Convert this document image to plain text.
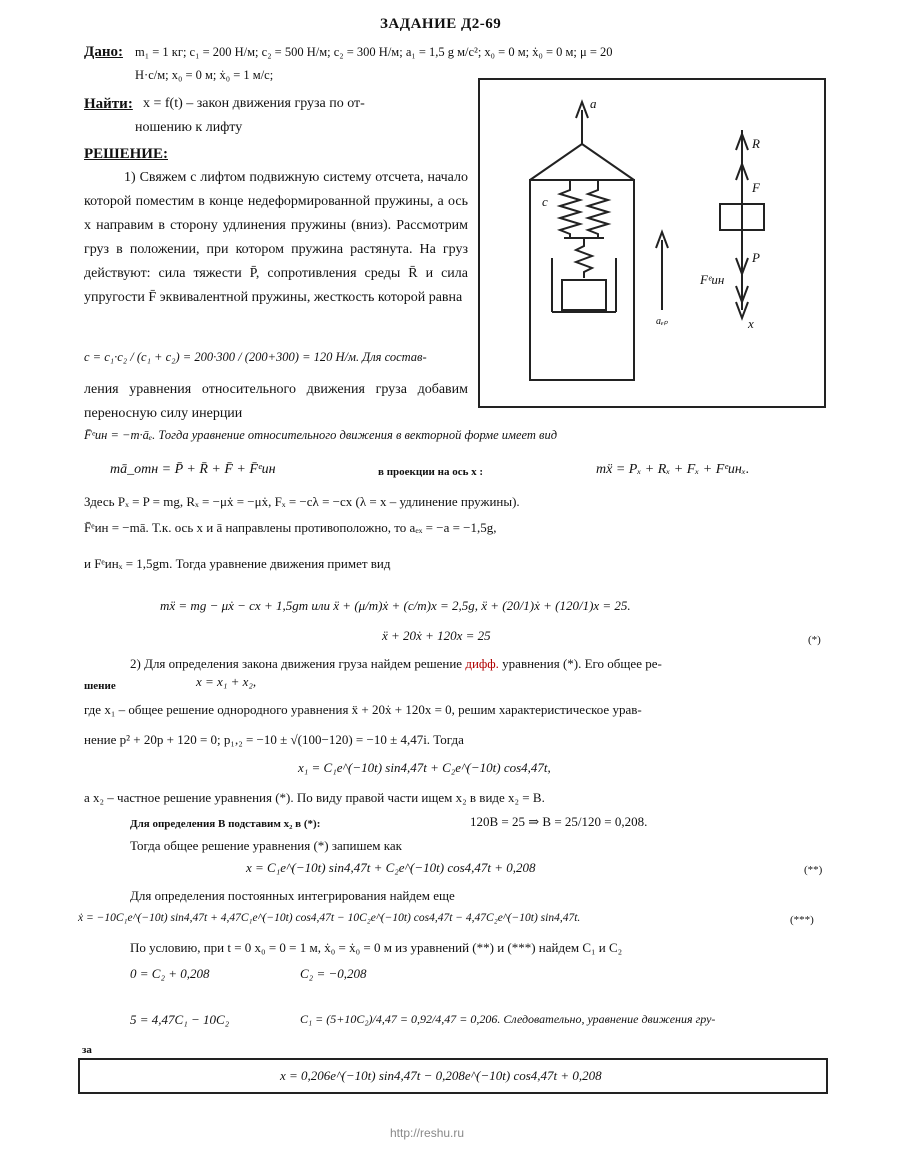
ЗАДАНИЕ Д2-69
Дано: m₁ = 1 кг; c₁ = 200 Н/м; c₂ = 500 Н/м; c₂ = 300 Н/м; a₁ = 1,5 g м/с²; x₀ = 0 м; ẋ₀ = 0 м; μ = 20
Н·с/м; x₀ = 0 м; ẋ₀ = 1 м/с;
Найти: x = f(t) – закон движения груза по от-
ношению к лифту
РЕШЕНИЕ:
1) Свяжем с лифтом подвижную систему отсчета, начало которой поместим в конце недеформированной пружины, а ось x направим в сторону удлинения пружины (вниз). Рассмотрим груз в положении, при котором пружина растянута. На груз действуют: сила тяжести P̄, сопротивления среды R̄ и сила упругости F̄ эквивалентной пружины, жесткость которой равна
c = c₁·c₂ / (c₁ + c₂) = 200·300 / (200+300) = 120 Н/м. Для состав-
ления уравнения относительного движения груза добавим переносную силу инерции
F̄ᵉин = −m·āₑ. Тогда уравнение относительного движения в векторной форме имеет вид
a
c
aₑₚ
R
F
P
Fᵉин
x
mā_отн = P̄ + R̄ + F̄ + F̄ᵉин	в проекции на ось x :	mẍ = Pₓ + Rₓ + Fₓ + Fᵉинₓ.
Здесь Pₓ = P = mg, Rₓ = −μẋ = −μẋ, Fₓ = −cλ = −cx (λ = x – удлинение пружины).
F̄ᵉин = −mā. Т.к. ось x и ā направлены противоположно, то aₑₓ = −a = −1,5g,
и Fᵉинₓ = 1,5gm. Тогда уравнение движения примет вид
mẍ = mg − μẋ − cx + 1,5gm или ẍ + (μ/m)ẋ + (c/m)x = 2,5g, ẍ + (20/1)ẋ + (120/1)x = 25.
ẍ + 20ẋ + 120x = 25	(*)
2) Для определения закона движения груза найдем решение дифф. уравнения (*). Его общее ре-
шение	x = x₁ + x₂,
где x₁ – общее решение однородного уравнения ẍ + 20ẋ + 120x = 0, решим характеристическое урав-
нение p² + 20p + 120 = 0; p₁,₂ = −10 ± √(100−120) = −10 ± 4,47i. Тогда
x₁ = C₁e^(−10t) sin4,47t + C₂e^(−10t) cos4,47t,
а x₂ – частное решение уравнения (*). По виду правой части ищем x₂ в виде x₂ = B.
Для определения B подставим x₂ в (*):	120B = 25 ⇒ B = 25/120 = 0,208.
Тогда общее решение уравнения (*) запишем как
x = C₁e^(−10t) sin4,47t + C₂e^(−10t) cos4,47t + 0,208	(**)
Для определения постоянных интегрирования найдем еще
ẋ = −10C₁e^(−10t) sin4,47t + 4,47C₁e^(−10t) cos4,47t − 10C₂e^(−10t) cos4,47t − 4,47C₂e^(−10t) sin4,47t.	(***)
По условию, при t = 0 x₀ = 0 = 1 м, ẋ₀ = ẋ₀ = 0 м из уравнений (**) и (***) найдем C₁ и C₂
0 = C₂ + 0,208	C₂ = −0,208
5 = 4,47C₁ − 10C₂	C₁ = (5+10C₂)/4,47 = 0,92/4,47 = 0,206. Следовательно, уравнение движения гру-
за
x = 0,206e^(−10t) sin4,47t − 0,208e^(−10t) cos4,47t + 0,208
http://reshu.ru
